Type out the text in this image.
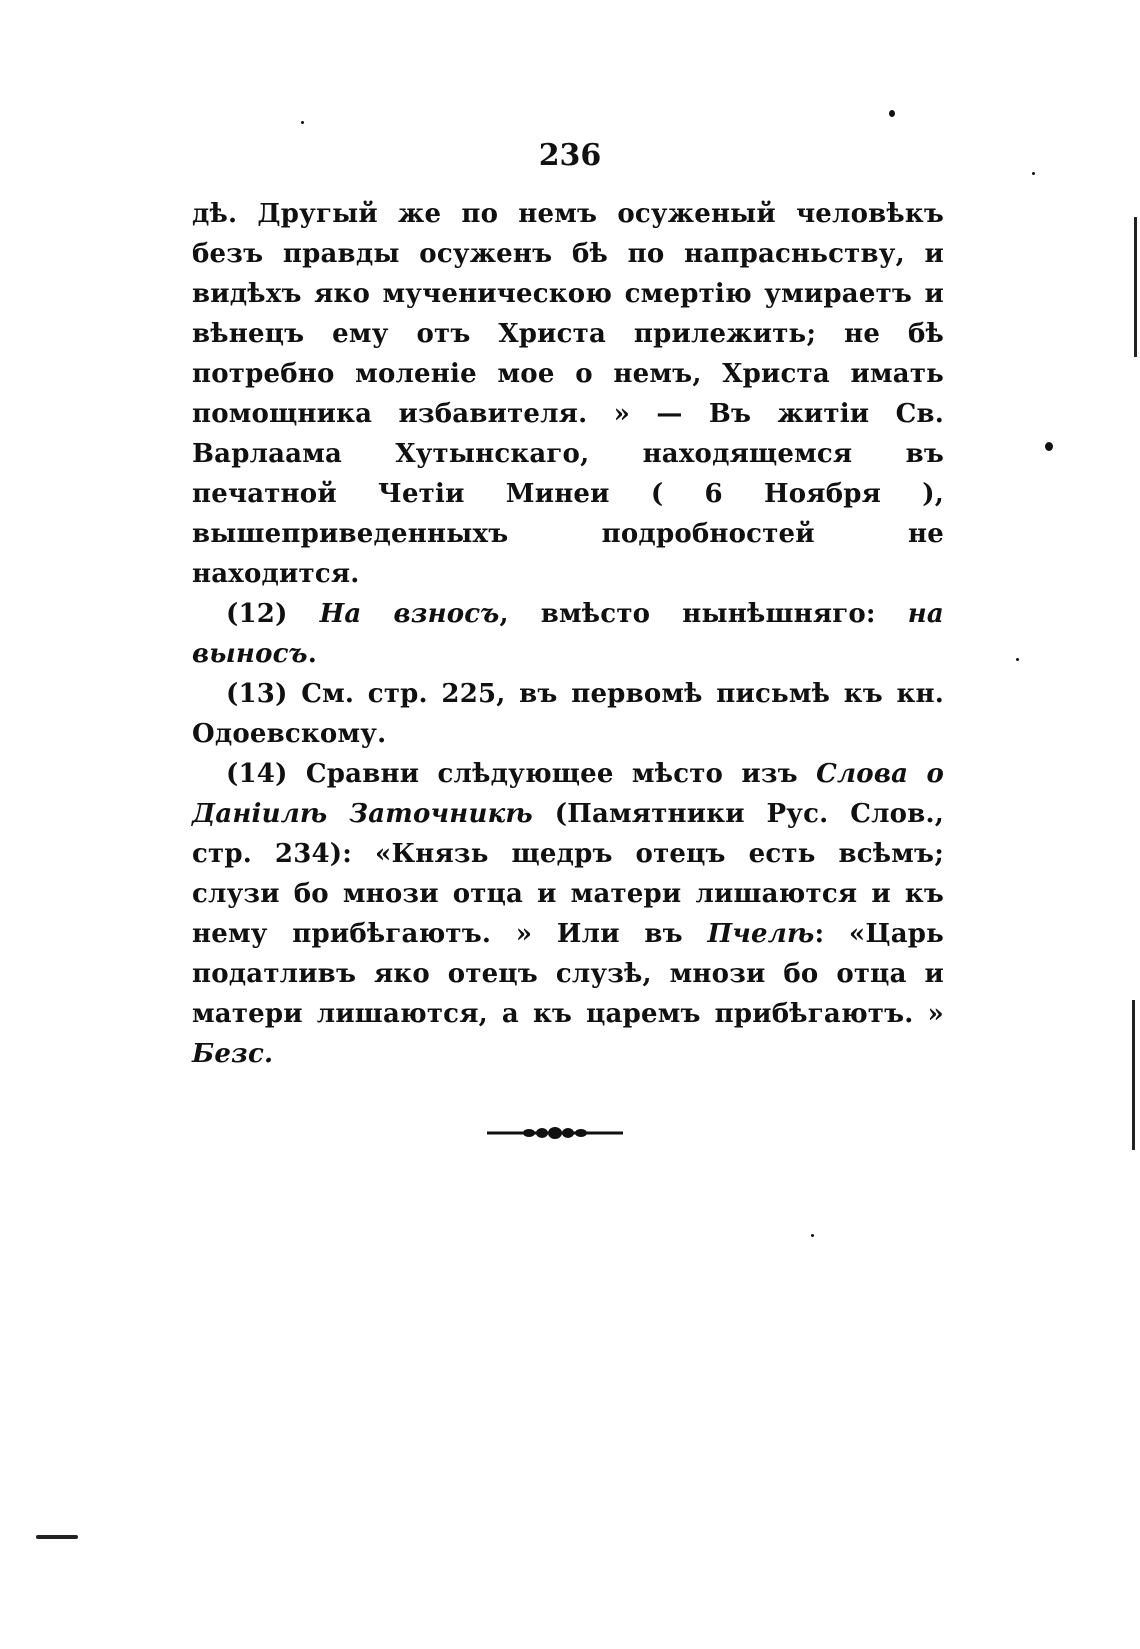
236

дѣ. Другый же по немъ осуженый человѣкъ безъ правды осуженъ бѣ по напрасньству, и видѣхъ яко мученическою смертію умираетъ и вѣнецъ ему отъ Христа прилежить; не бѣ потребно моленіе мое о немъ, Христа имать помощника избавителя. » — Въ житіи Св. Варлаама Хутынскаго, находящемся въ печатной Четіи Минеи ( 6 Ноября ), вышеприведенныхъ подробностей не находится.

(12) На взносъ, вмѣсто нынѣшняго: на выносъ.

(13) См. стр. 225, въ первомѣ письмѣ къ кн. Одоевскому.

(14) Сравни слѣдующее мѣсто изъ Слова о Даніилѣ Заточникѣ (Памятники Рус. Слов., стр. 234): «Князь щедръ отецъ есть всѣмъ; слузи бо мнози отца и матери лишаются и къ нему прибѣгаютъ. » Или въ Пчелѣ: «Царь податливъ яко отецъ слузѣ, мнози бо отца и матери лишаются, а къ царемъ прибѣгаютъ. » Безс.
